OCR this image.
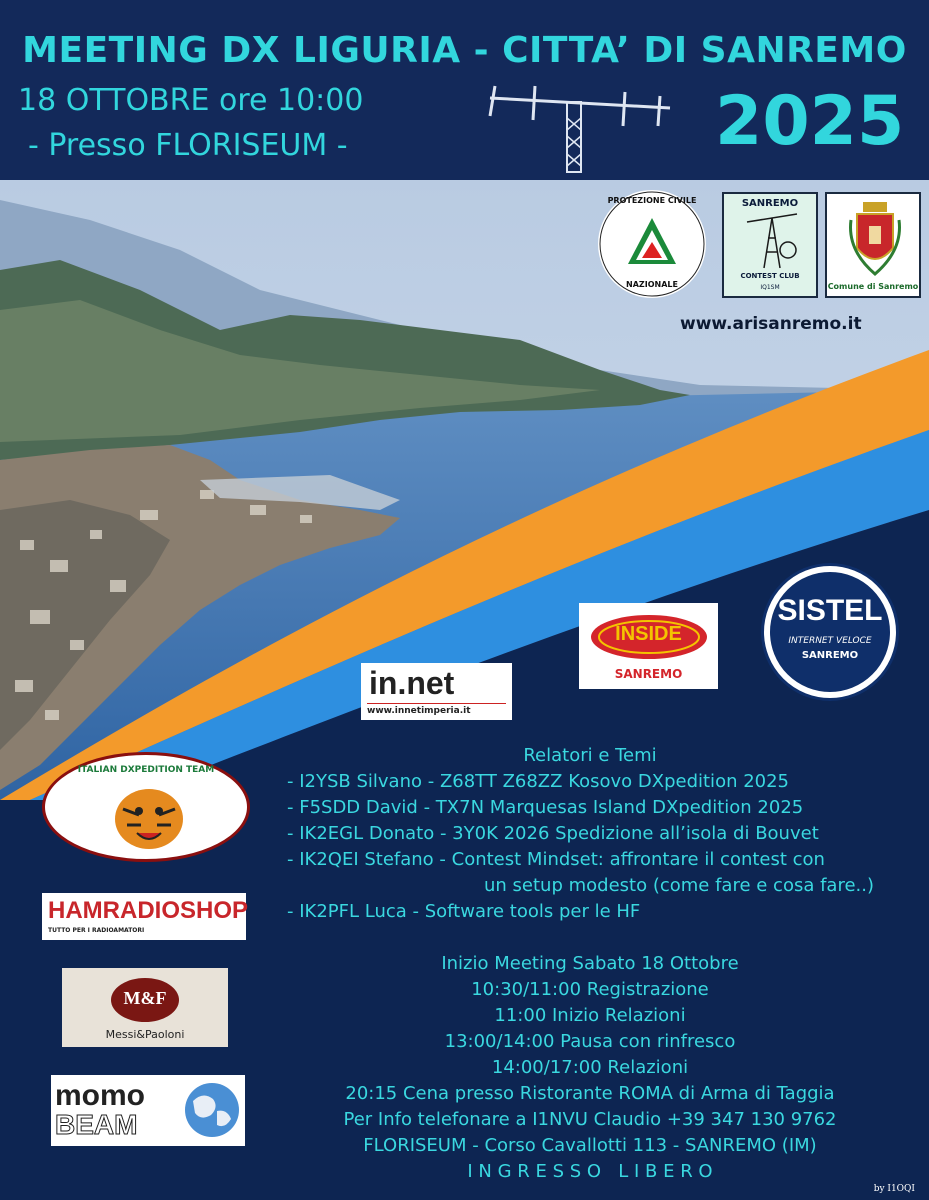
MEETING DX LIGURIA - CITTA’ DI SANREMO
18 OTTOBRE ore 10:00
- Presso FLORISEUM -	2025
PROTEZIONE CIVILE
NAZIONALE
SANREMO
CONTEST CLUB
IQ1SM	Comune di Sanremo
www.arisanremo.it
SISTEL
INTERNET VELOCE
SANREMO
INSIDE
SANREMO
in.net
www.innetimperia.it
ITALIAN DXPEDITION TEAM
HAMRADIOSHOP
TUTTO PER I RADIOAMATORI
M&F
Messi&Paoloni
momo
BEAM
Relatori e Temi
- I2YSB Silvano - Z68TT Z68ZZ Kosovo DXpedition 2025
- F5SDD David - TX7N Marquesas Island DXpedition 2025
- IK2EGL Donato - 3Y0K 2026 Spedizione all’isola di Bouvet
- IK2QEI Stefano - Contest Mindset: affrontare il contest con
un setup modesto (come fare e cosa fare..)
- IK2PFL Luca - Software tools per le HF
Inizio Meeting Sabato 18 Ottobre
10:30/11:00 Registrazione
11:00 Inizio Relazioni
13:00/14:00 Pausa con rinfresco
14:00/17:00 Relazioni
20:15 Cena presso Ristorante ROMA di Arma di Taggia
Per Info telefonare a I1NVU Claudio +39 347 130 9762
FLORISEUM - Corso Cavallotti 113 - SANREMO (IM)
I N G R E S S O   L I B E R O
by I1OQI
